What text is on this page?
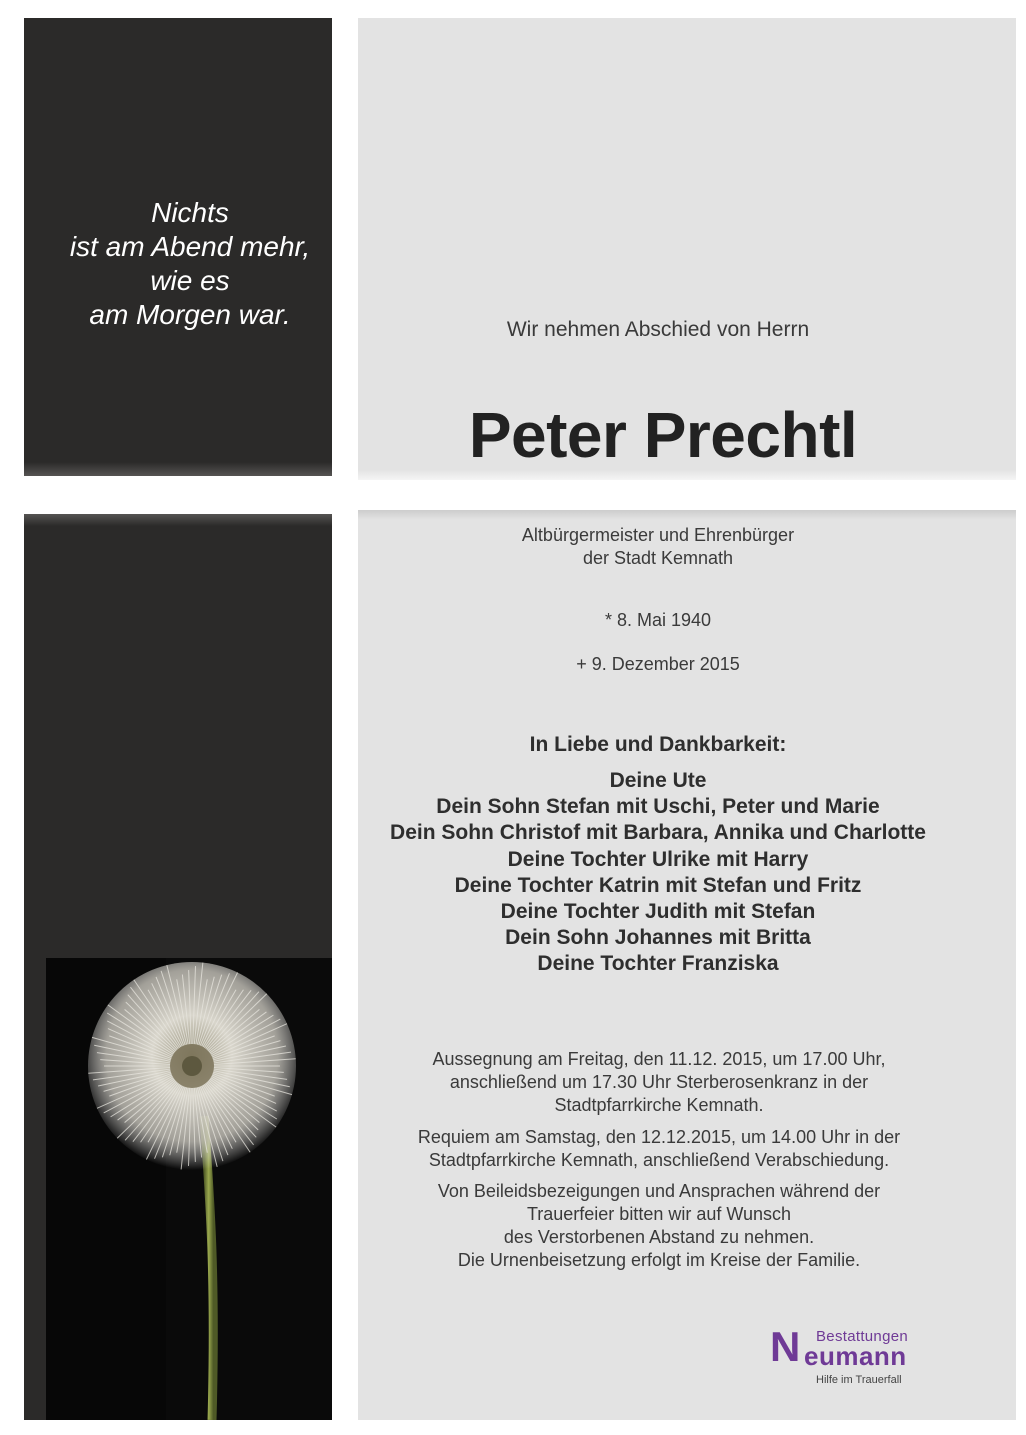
Nichts
ist am Abend mehr,
wie es
am Morgen war.	Wir nehmen Abschied von Herrn

Peter Prechtl

Altbürgermeister und Ehrenbürger
der Stadt Kemnath

* 8. Mai 1940

+ 9. Dezember 2015

In Liebe und Dankbarkeit:

Deine Ute
Dein Sohn Stefan mit Uschi, Peter und Marie
Dein Sohn Christof mit Barbara, Annika und Charlotte
Deine Tochter Ulrike mit Harry
Deine Tochter Katrin mit Stefan und Fritz
Deine Tochter Judith mit Stefan
Dein Sohn Johannes mit Britta
Deine Tochter Franziska

Aussegnung am Freitag, den 11.12. 2015, um 17.00 Uhr,
anschließend um 17.30 Uhr Sterberosenkranz in der
Stadtpfarrkirche Kemnath.

Requiem am Samstag, den 12.12.2015, um 14.00 Uhr in der
Stadtpfarrkirche Kemnath, anschließend Verabschiedung.

Von Beileidsbezeigungen und Ansprachen während der
Trauerfeier bitten wir auf Wunsch
des Verstorbenen Abstand zu nehmen.
Die Urnenbeisetzung erfolgt im Kreise der Familie.

N Bestattungen

eumann

Hilfe im Trauerfall
